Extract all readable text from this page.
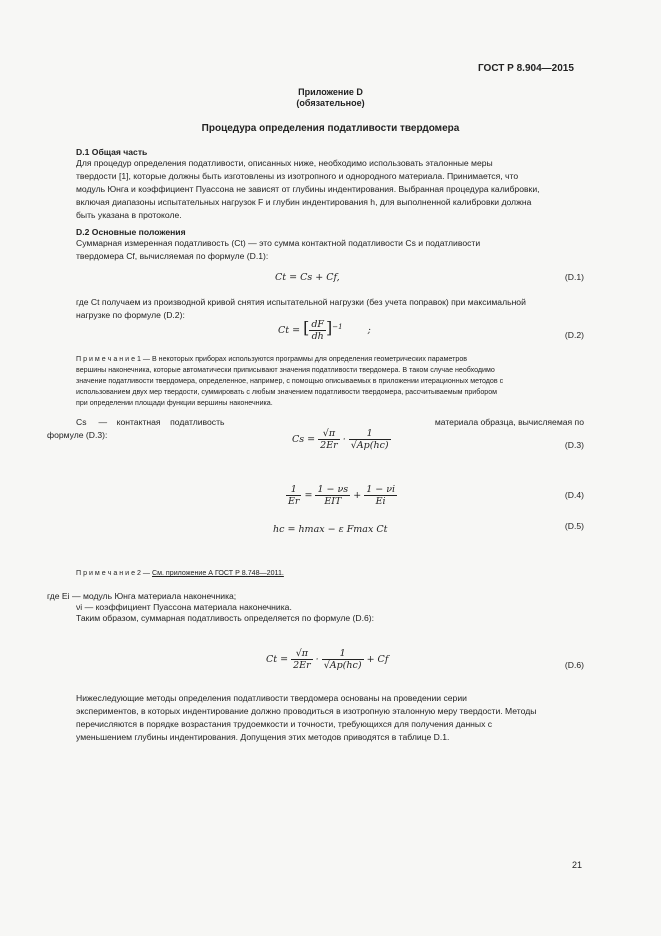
ГОСТ Р 8.904—2015
Приложение D
(обязательное)
Процедура определения податливости твердомера
D.1 Общая часть
Для процедур определения податливости, описанных ниже, необходимо использовать эталонные меры
твердости [1], которые должны быть изготовлены из изотропного и однородного материала. Принимается, что
модуль Юнга и коэффициент Пуассона не зависят от глубины индентирования. Выбранная процедура калибровки,
включая диапазоны испытательных нагрузок F и глубин индентирования h, для выполненной калибровки должна
быть указана в протоколе.
D.2 Основные положения
Суммарная измеренная податливость (Ct) — это сумма контактной податливости Cs и податливости
твердомера Cf, вычисляемая по формуле (D.1):
Ct = Cs + Cf,	(D.1)
где Ct получаем из производной кривой снятия испытательной нагрузки (без учета поправок) при максимальной
нагрузке по формуле (D.2):
Ct = [ $\frac{dF}{dh} ]^{-1}$	;	(D.2)
П р и м е ч а н и е 1 — В некоторых приборах используются программы для определения геометрических параметров
вершины наконечника, которые автоматически приписывают значения податливости твердомера. В таком случае необходимо
значение податливости твердомера, определенное, например, с помощью описываемых в приложении итерационных методов с
использованием двух мер твердости, суммировать с любым значением податливости твердомера, рассчитываемым прибором
при определении площади функции вершины наконечника.
Cs     —    контактная    податливость	материала образца, вычисляемая по
формуле (D.3):	$Cs = \frac{√\pi}{2Er} \cdot \frac{1}{√Ap(hc)}$	(D.3)
$\frac{1}{Er} = \frac{1 - \nu s}{\text{EIT}} + \frac{1 - \nu i}{Ei}$	(D.4)
hc = hmax − ε Fmax Ct	(D.5)
П р и м е ч а н и е 2 — См. приложение А ГОСТ Р 8.748—2011.
где Ei — модуль Юнга материала наконечника;
νi — коэффициент Пуассона материала наконечника.
Таким образом, суммарная податливость определяется по формуле (D.6):
$Ct = \frac{√\pi}{2Er} \cdot \frac{1}{√Ap(hc)} + Cf$	(D.6)
Нижеследующие методы определения податливости твердомера основаны на проведении серии
экспериментов, в которых индентирование должно проводиться в изотропную эталонную меру твердости. Методы
перечисляются в порядке возрастания трудоемкости и точности, требующихся для получения данных с
уменьшением глубины индентирования. Допущения этих методов приводятся в таблице D.1.
21
